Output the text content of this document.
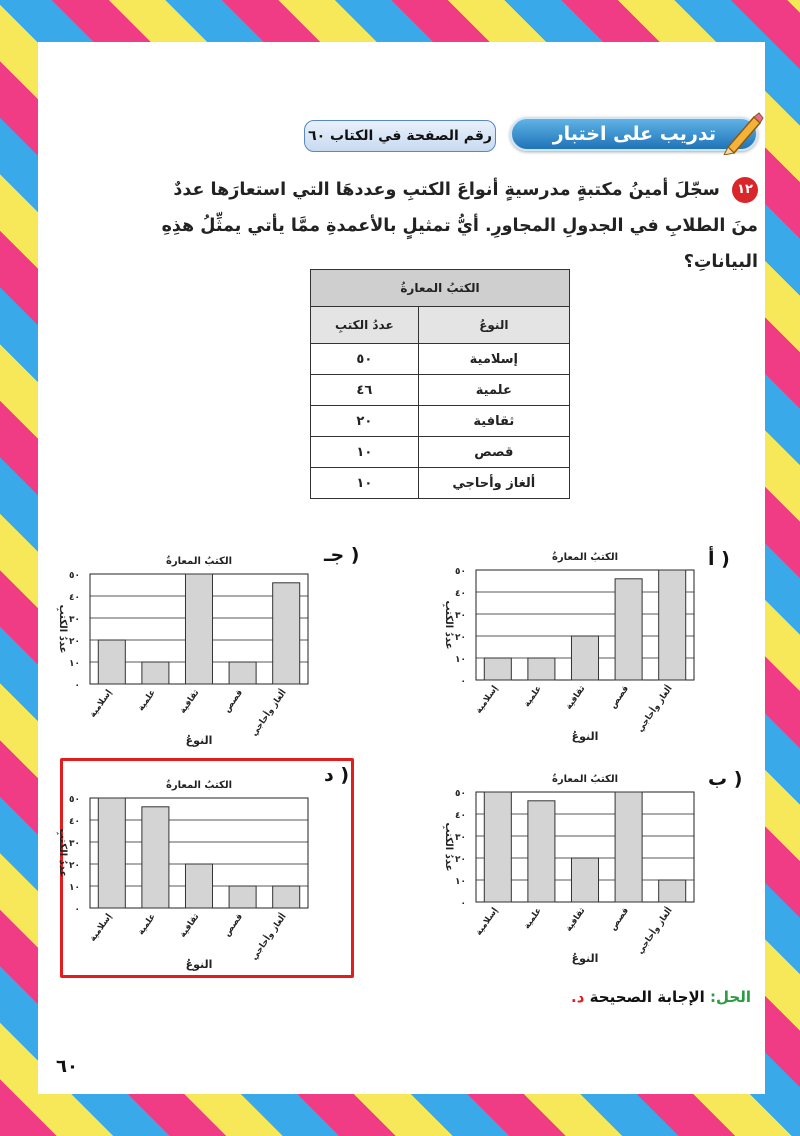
رقم الصفحة في الكتاب ٦٠	تدريب على اختبار
١٢ سجّلَ أمينُ مكتبةٍ مدرسيةٍ أنواعَ الكتبِ وعددهَا التي استعارَها عددٌ منَ الطلابِ في الجدولِ المجاورِ. أيُّ تمثيلٍ بالأعمدةِ ممَّا يأتي يمثِّلُ هذِهِ البياناتِ؟
الكتبُ المعارةُ	
النوعُ	عددُ الكتبِ
إسلامية	٥٠
علمية	٤٦
ثقافية	٢٠
قصص	١٠
ألغاز وأحاجي	١٠
٠
١٠
٢٠
٣٠
٤٠
٥٠
إسلامية	علمية ثقافية قصص ألغاز وأحاجي
الكتبُ المعارةُ
النوعُ
عددُ الكتبِ
٠
١٠
٢٠
٣٠
٤٠
٥٠
إسلامية	علمية ثقافية قصص ألغاز وأحاجي
الكتبُ المعارةُ
النوعُ
عددُ الكتبِ
٠
١٠
٢٠
٣٠
٤٠
٥٠
إسلامية	علمية ثقافية قصص ألغاز وأحاجي
الكتبُ المعارةُ
النوعُ
عددُ الكتبِ
٠
١٠
٢٠
٣٠
٤٠
٥٠
إسلامية	علمية ثقافية قصص ألغاز وأحاجي
الكتبُ المعارةُ
النوعُ
عددُ الكتبِ
أ )
جـ )
ب )
د )
الحل: الإجابة الصحيحة د.
٦٠
